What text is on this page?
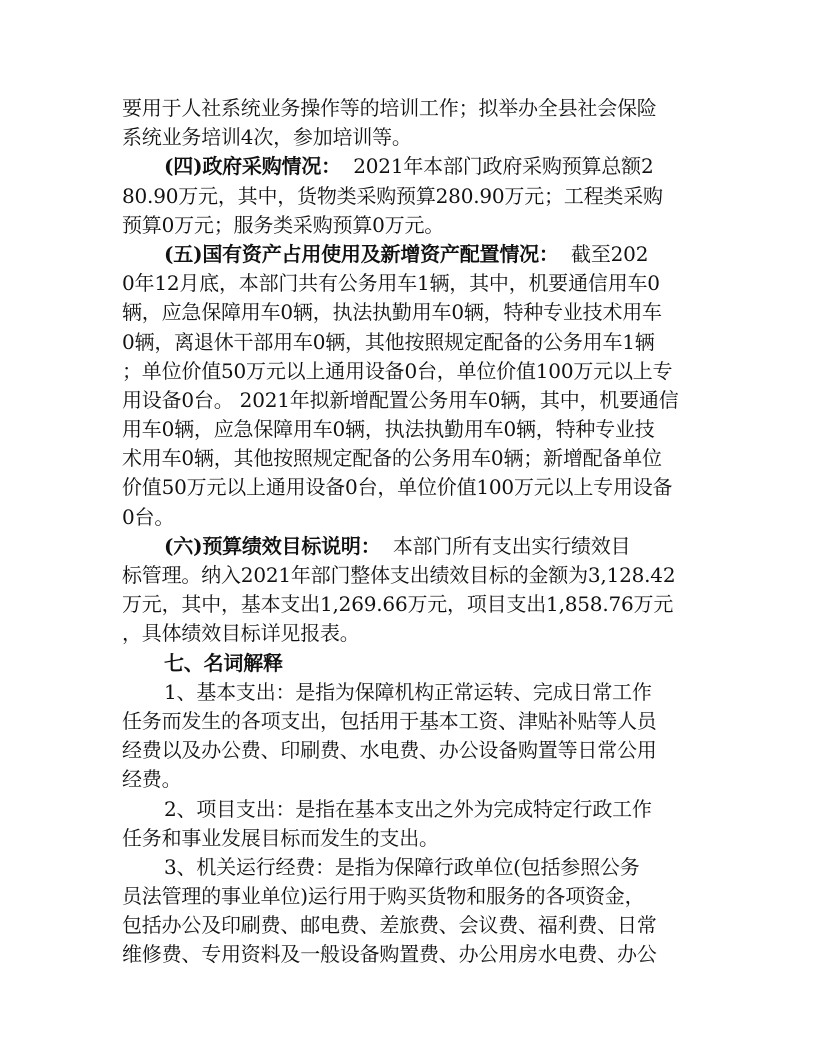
要用于人社系统业务操作等的培训工作；拟举办全县社会保险
系统业务培训4次，参加培训等。
(四)政府采购情况：  2021年本部门政府采购预算总额2
80.90万元，其中，货物类采购预算280.90万元；工程类采购
预算0万元；服务类采购预算0万元。
(五)国有资产占用使用及新增资产配置情况：  截至202
0年12月底，本部门共有公务用车1辆，其中，机要通信用车0
辆，应急保障用车0辆，执法执勤用车0辆，特种专业技术用车
0辆，离退休干部用车0辆，其他按照规定配备的公务用车1辆
；单位价值50万元以上通用设备0台，单位价值100万元以上专
用设备0台。 2021年拟新增配置公务用车0辆，其中，机要通信
用车0辆，应急保障用车0辆，执法执勤用车0辆，特种专业技
术用车0辆，其他按照规定配备的公务用车0辆；新增配备单位
价值50万元以上通用设备0台，单位价值100万元以上专用设备
0台。
(六)预算绩效目标说明：  本部门所有支出实行绩效目
标管理。纳入2021年部门整体支出绩效目标的金额为3,128.42
万元，其中，基本支出1,269.66万元，项目支出1,858.76万元
，具体绩效目标详见报表。
七、名词解释
1、基本支出：是指为保障机构正常运转、完成日常工作
任务而发生的各项支出，包括用于基本工资、津贴补贴等人员
经费以及办公费、印刷费、水电费、办公设备购置等日常公用
经费。
2、项目支出：是指在基本支出之外为完成特定行政工作
任务和事业发展目标而发生的支出。
3、机关运行经费：是指为保障行政单位(包括参照公务
员法管理的事业单位)运行用于购买货物和服务的各项资金，
包括办公及印刷费、邮电费、差旅费、会议费、福利费、日常
维修费、专用资料及一般设备购置费、办公用房水电费、办公
